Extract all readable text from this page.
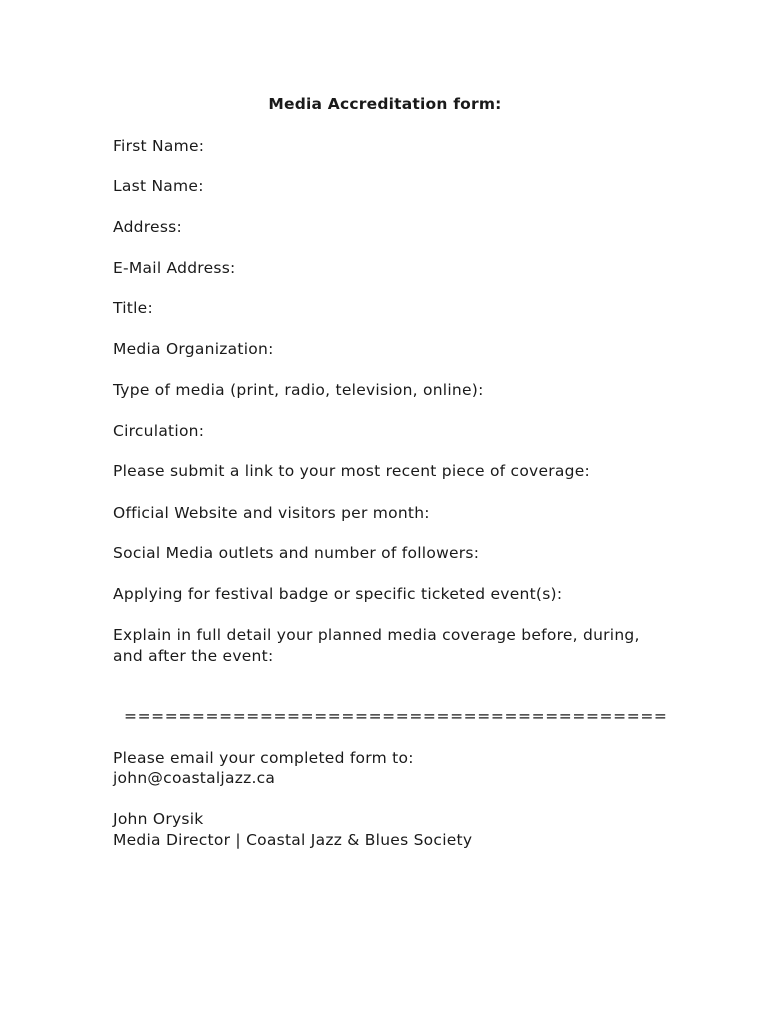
Media Accreditation form:
First Name:
Last Name:
Address:
E-Mail Address:
Title:
Media Organization:
Type of media (print, radio, television, online):
Circulation:
Please submit a link to your most recent piece of coverage:
Official Website and visitors per month:
Social Media outlets and number of followers:
Applying for festival badge or specific ticketed event(s):
Explain in full detail your planned media coverage before, during,
and after the event:
========================================
Please email your completed form to:
john@coastaljazz.ca
John Orysik
Media Director | Coastal Jazz & Blues Society
